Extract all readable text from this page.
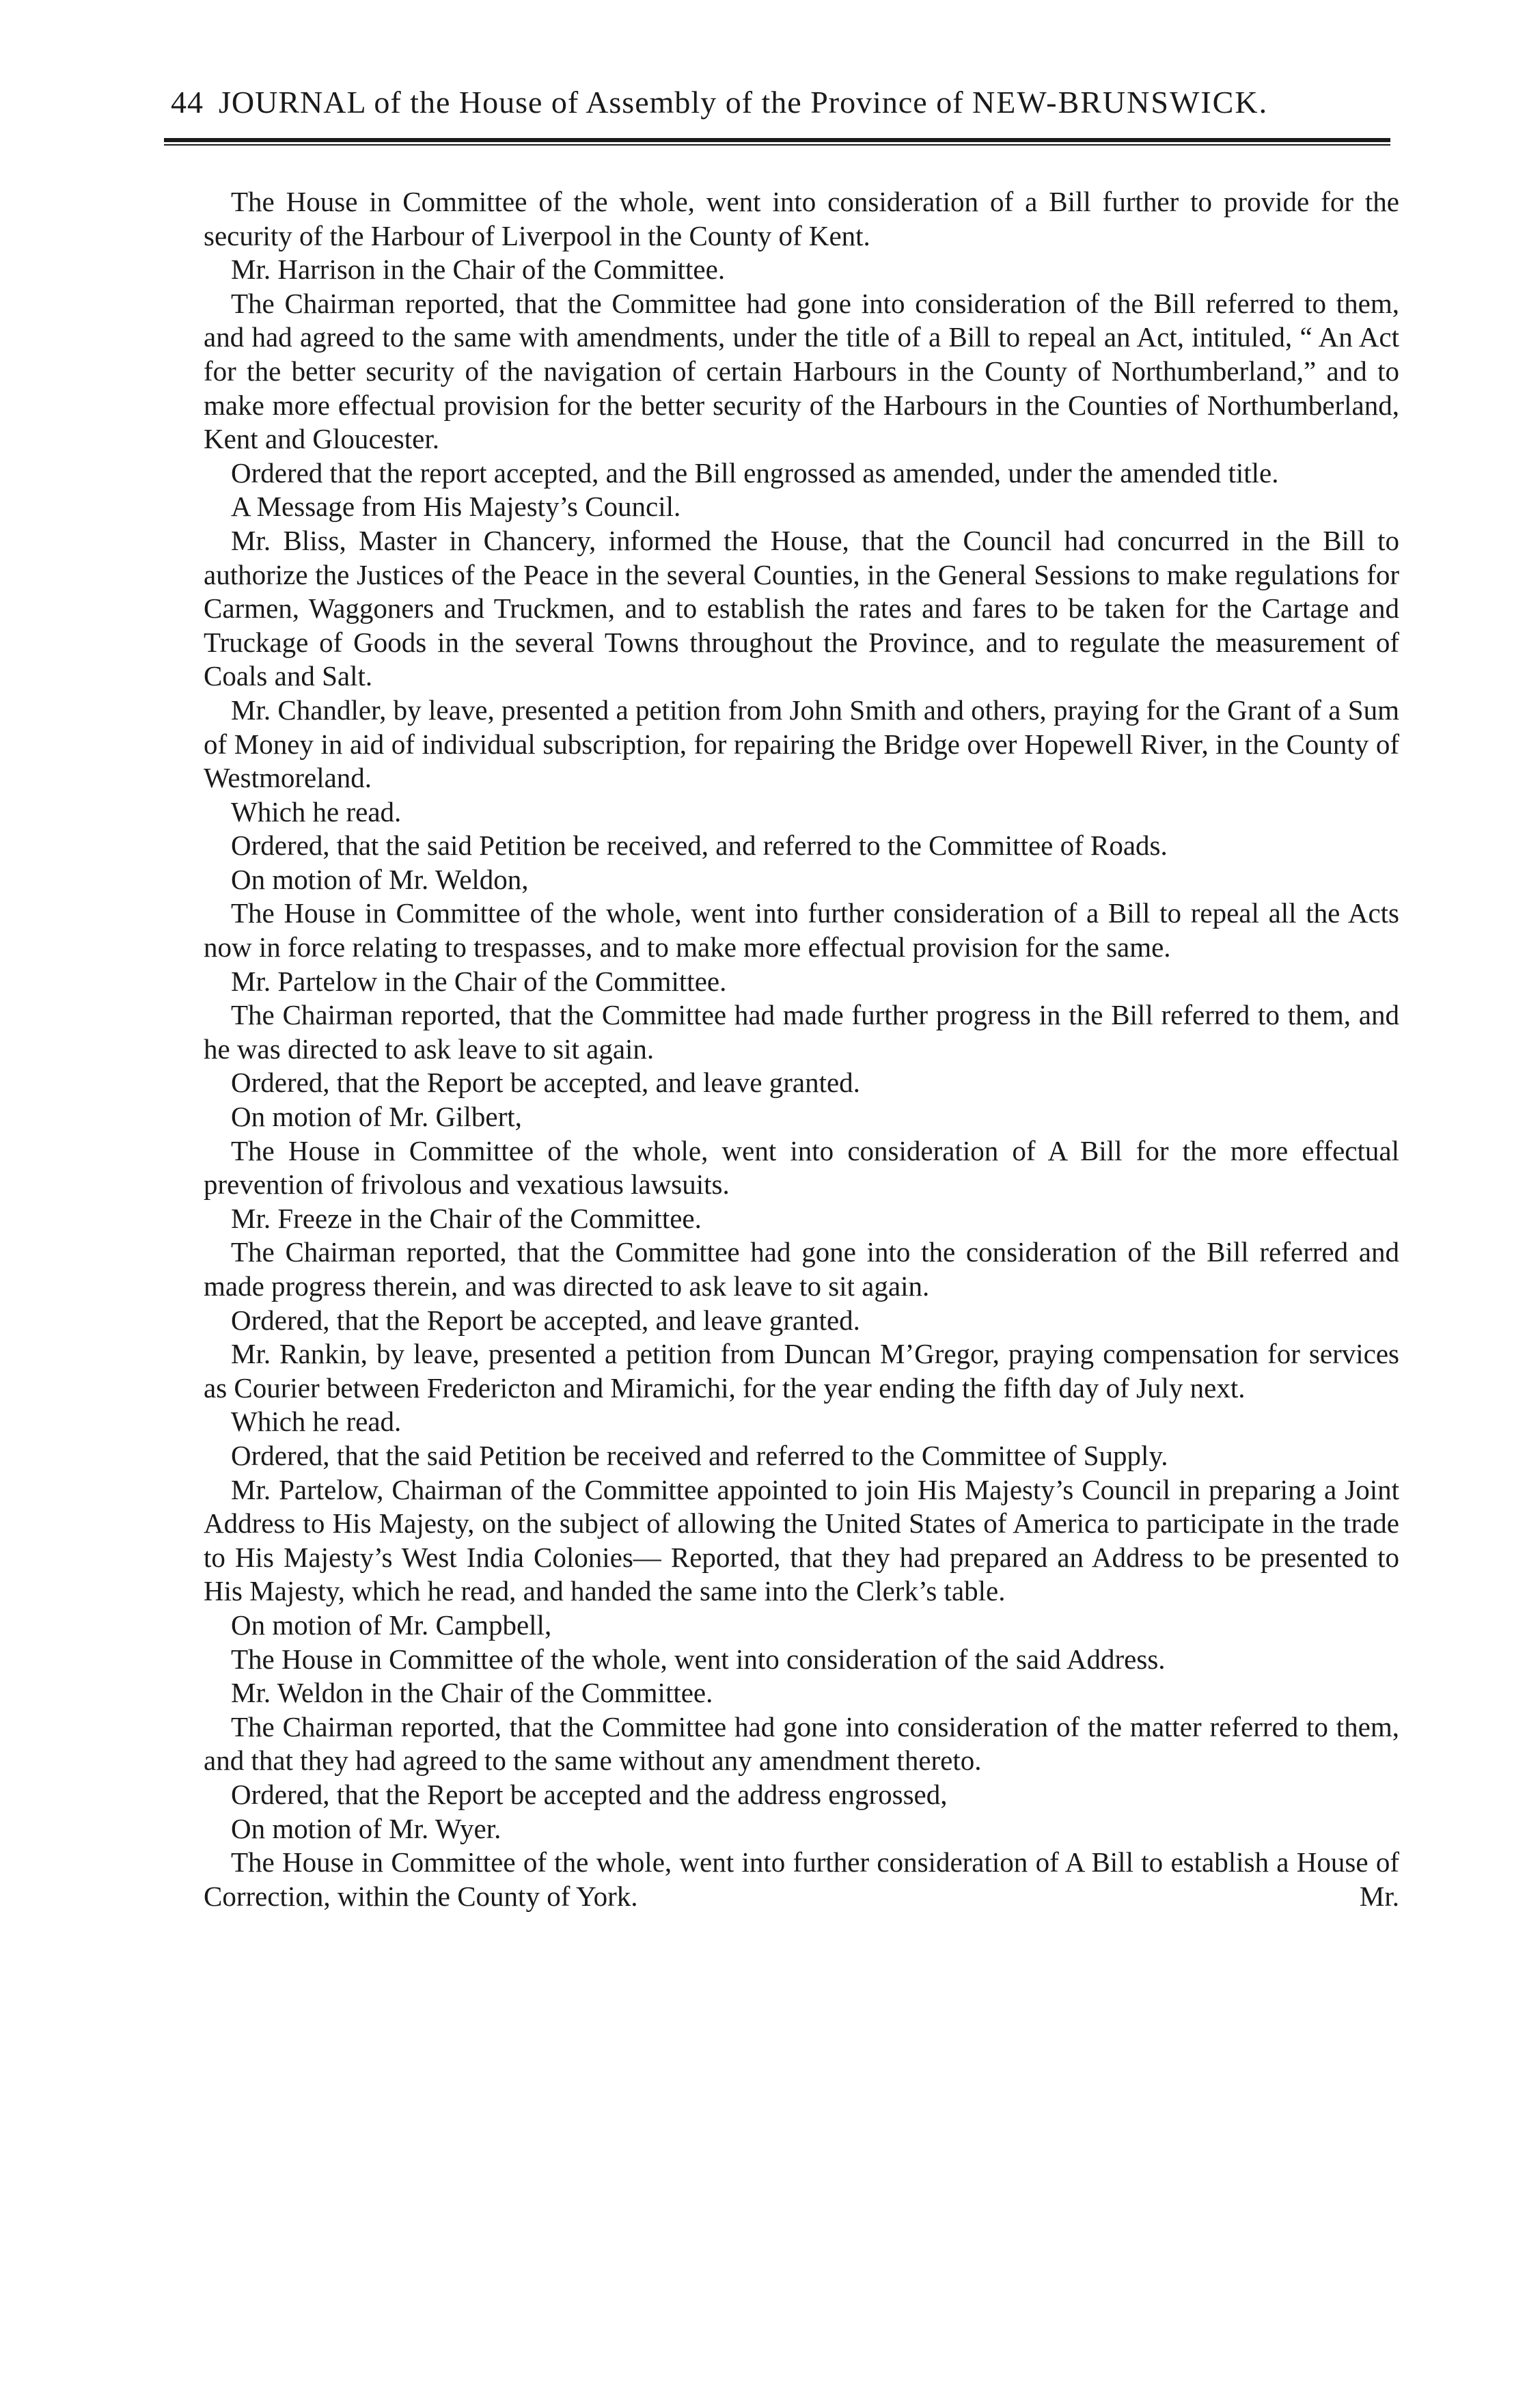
44 JOURNAL of the House of Assembly of the Province of NEW-BRUNSWICK.

The House in Committee of the whole, went into consideration of a Bill further to provide for the security of the Harbour of Liverpool in the County of Kent.

Mr. Harrison in the Chair of the Committee.

The Chairman reported, that the Committee had gone into consideration of the Bill referred to them, and had agreed to the same with amendments, under the title of a Bill to repeal an Act, intituled, “ An Act for the better security of the navigation of certain Harbours in the County of Northumberland,” and to make more effectual provision for the better security of the Harbours in the Counties of Northumberland, Kent and Gloucester.

Ordered that the report accepted, and the Bill engrossed as amended, under the amended title.

A Message from His Majesty’s Council.

Mr. Bliss, Master in Chancery, informed the House, that the Council had concurred in the Bill to authorize the Justices of the Peace in the several Counties, in the General Sessions to make regulations for Carmen, Waggoners and Truckmen, and to establish the rates and fares to be taken for the Cartage and Truckage of Goods in the several Towns throughout the Province, and to regulate the measurement of Coals and Salt.

Mr. Chandler, by leave, presented a petition from John Smith and others, praying for the Grant of a Sum of Money in aid of individual subscription, for repairing the Bridge over Hopewell River, in the County of Westmoreland.

Which he read.

Ordered, that the said Petition be received, and referred to the Committee of Roads.

On motion of Mr. Weldon,

The House in Committee of the whole, went into further consideration of a Bill to repeal all the Acts now in force relating to trespasses, and to make more effectual provision for the same.

Mr. Partelow in the Chair of the Committee.

The Chairman reported, that the Committee had made further progress in the Bill referred to them, and he was directed to ask leave to sit again.

Ordered, that the Report be accepted, and leave granted.

On motion of Mr. Gilbert,

The House in Committee of the whole, went into consideration of A Bill for the more effectual prevention of frivolous and vexatious lawsuits.

Mr. Freeze in the Chair of the Committee.

The Chairman reported, that the Committee had gone into the consideration of the Bill referred and made progress therein, and was directed to ask leave to sit again.

Ordered, that the Report be accepted, and leave granted.

Mr. Rankin, by leave, presented a petition from Duncan M’Gregor, praying compensation for services as Courier between Fredericton and Miramichi, for the year ending the fifth day of July next.

Which he read.

Ordered, that the said Petition be received and referred to the Committee of Supply.

Mr. Partelow, Chairman of the Committee appointed to join His Majesty’s Council in preparing a Joint Address to His Majesty, on the subject of allowing the United States of America to participate in the trade to His Majesty’s West India Colonies— Reported, that they had prepared an Address to be presented to His Majesty, which he read, and handed the same into the Clerk’s table.

On motion of Mr. Campbell,

The House in Committee of the whole, went into consideration of the said Address.

Mr. Weldon in the Chair of the Committee.

The Chairman reported, that the Committee had gone into consideration of the matter referred to them, and that they had agreed to the same without any amendment thereto.

Ordered, that the Report be accepted and the address engrossed,

On motion of Mr. Wyer.

The House in Committee of the whole, went into further consideration of A Bill to establish a House of Correction, within the County of York.	Mr.
